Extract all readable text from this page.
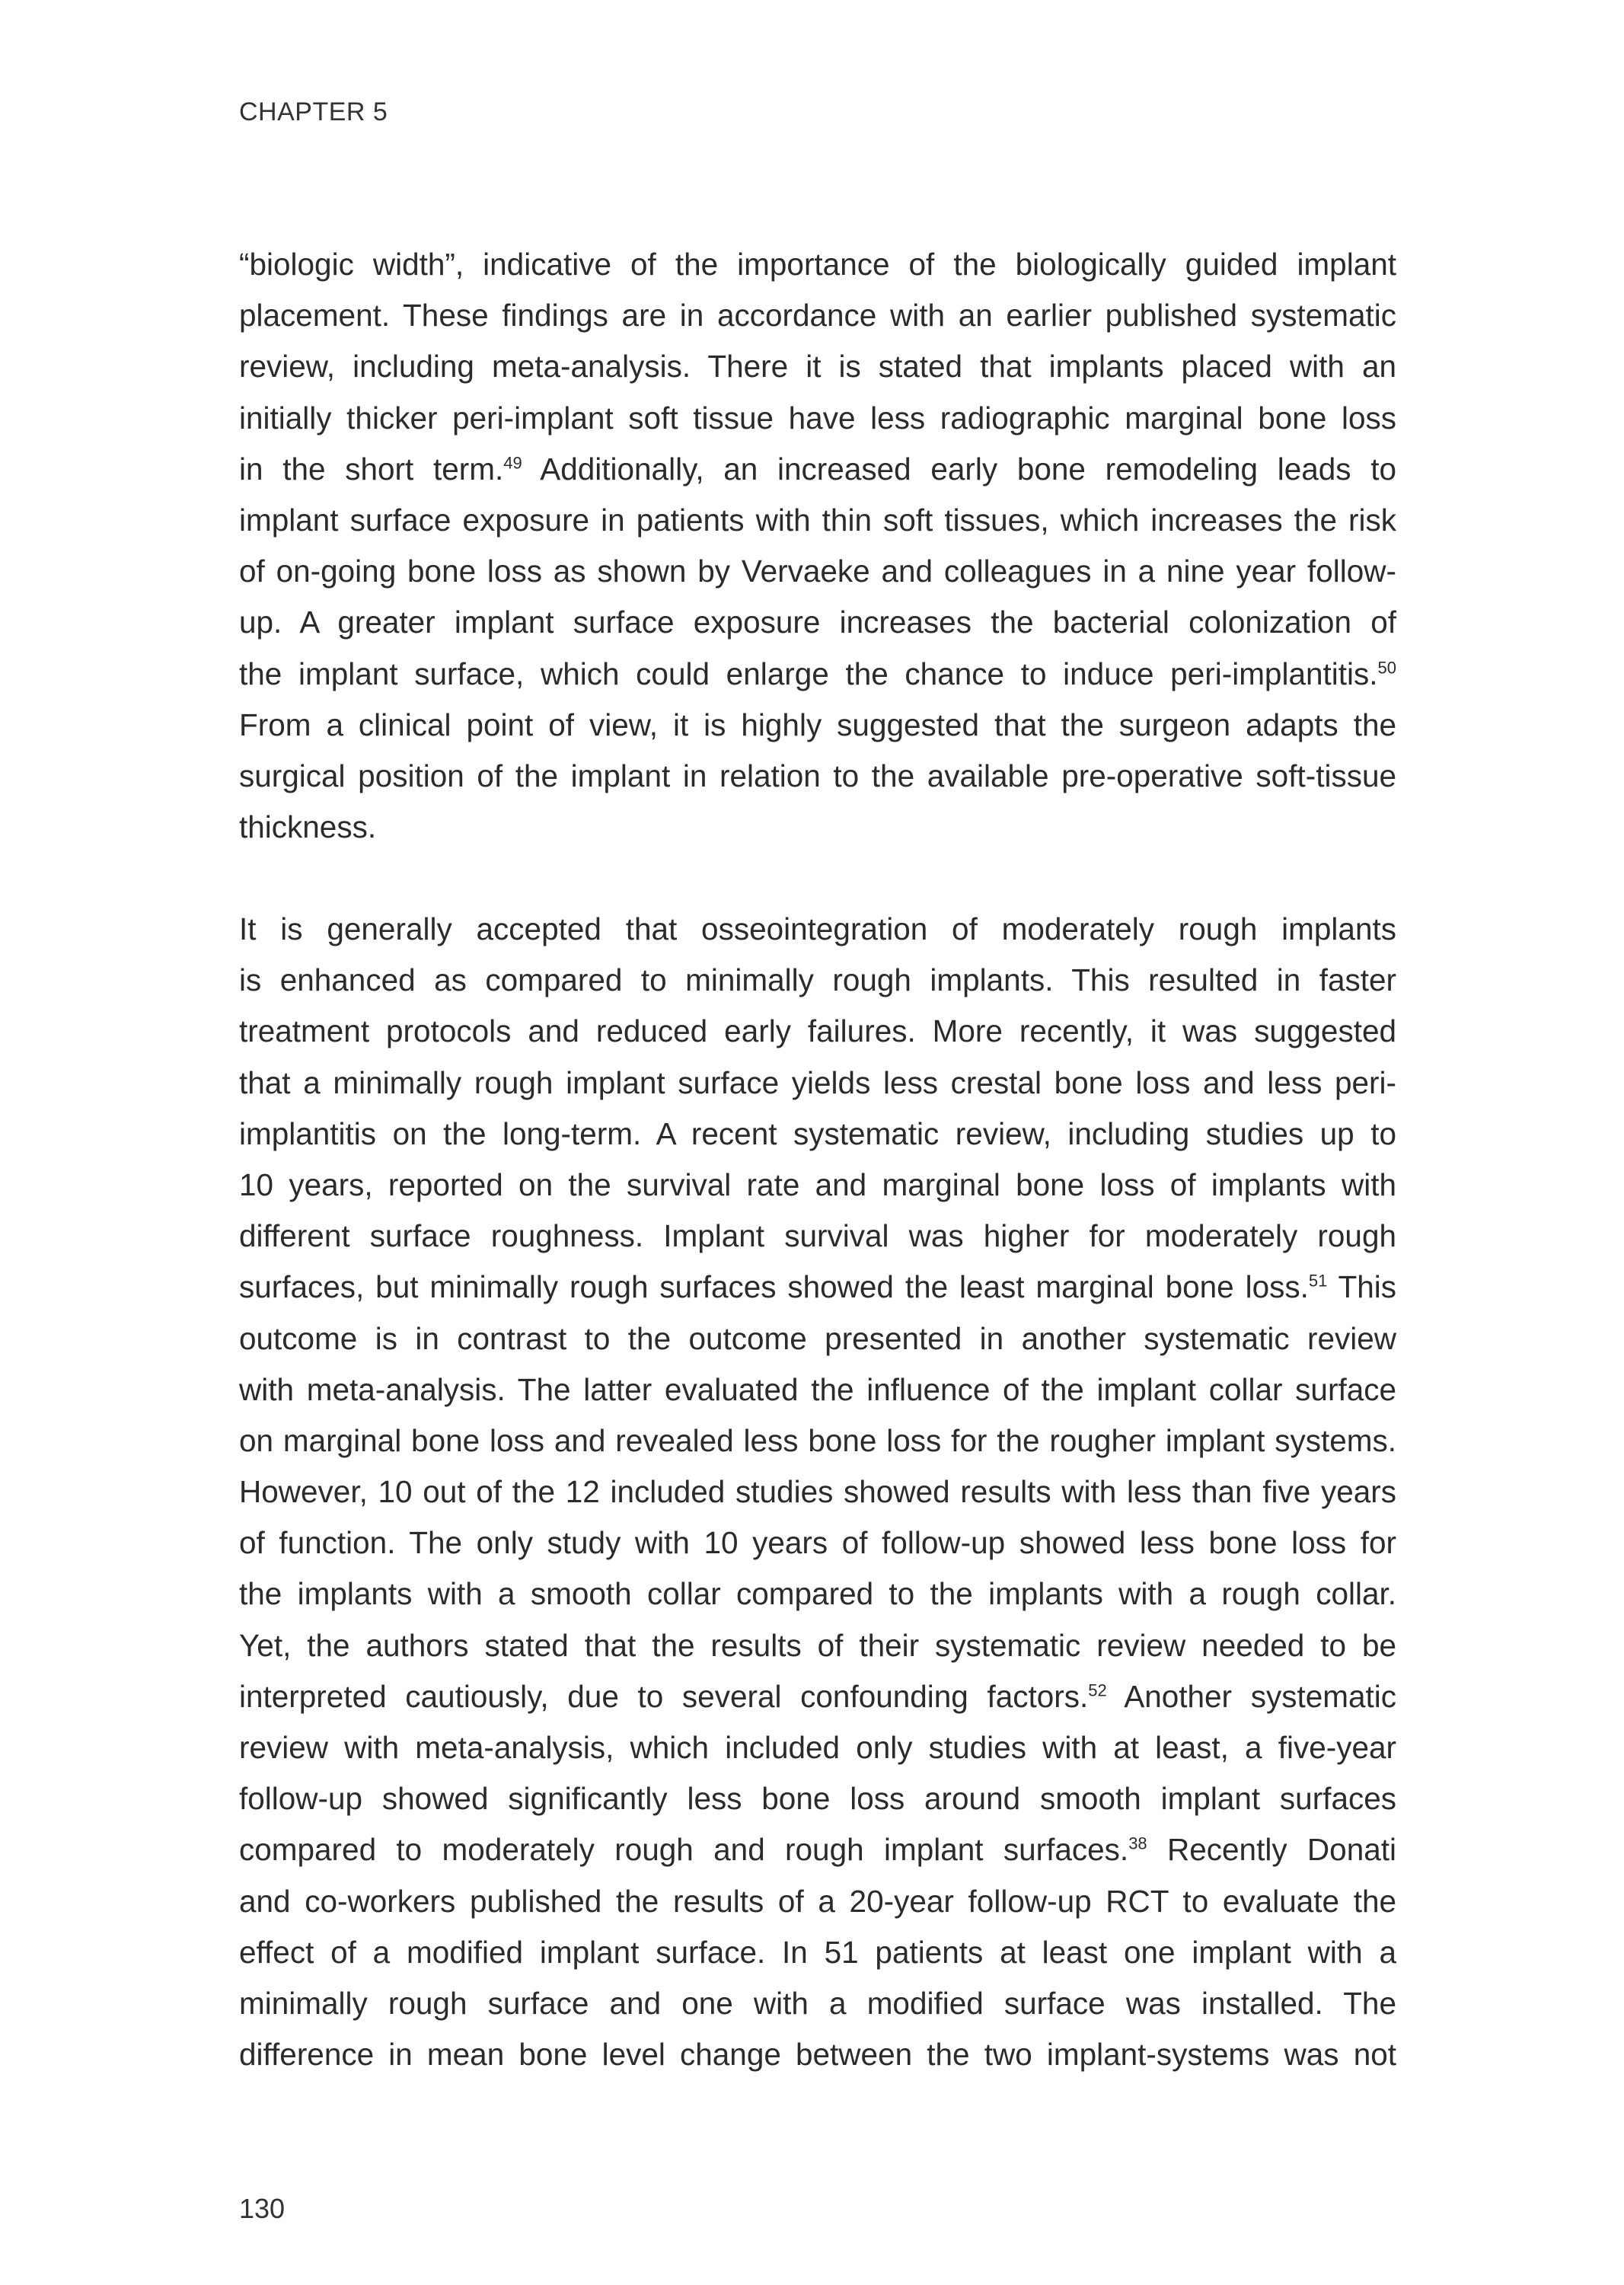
CHAPTER 5
“biologic width”, indicative of the importance of the biologically guided implant
placement. These findings are in accordance with an earlier published systematic
review, including meta-analysis. There it is stated that implants placed with an
initially thicker peri-implant soft tissue have less radiographic marginal bone loss
in the short term.$^{49}$ Additionally, an increased early bone remodeling leads to
implant surface exposure in patients with thin soft tissues, which increases the risk
of on-going bone loss as shown by Vervaeke and colleagues in a nine year follow-
up. A greater implant surface exposure increases the bacterial colonization of
the implant surface, which could enlarge the chance to induce peri-implantitis.$^{50}$
From a clinical point of view, it is highly suggested that the surgeon adapts the
surgical position of the implant in relation to the available pre-operative soft-tissue
thickness.
It is generally accepted that osseointegration of moderately rough implants
is enhanced as compared to minimally rough implants. This resulted in faster
treatment protocols and reduced early failures. More recently, it was suggested
that a minimally rough implant surface yields less crestal bone loss and less peri-
implantitis on the long-term. A recent systematic review, including studies up to
10 years, reported on the survival rate and marginal bone loss of implants with
different surface roughness. Implant survival was higher for moderately rough
surfaces, but minimally rough surfaces showed the least marginal bone loss.$^{51}$ This
outcome is in contrast to the outcome presented in another systematic review
with meta-analysis. The latter evaluated the influence of the implant collar surface
on marginal bone loss and revealed less bone loss for the rougher implant systems.
However, 10 out of the 12 included studies showed results with less than five years
of function. The only study with 10 years of follow-up showed less bone loss for
the implants with a smooth collar compared to the implants with a rough collar.
Yet, the authors stated that the results of their systematic review needed to be
interpreted cautiously, due to several confounding factors.$^{52}$ Another systematic
review with meta-analysis, which included only studies with at least, a five-year
follow-up showed significantly less bone loss around smooth implant surfaces
compared to moderately rough and rough implant surfaces.$^{38}$ Recently Donati
and co-workers published the results of a 20-year follow-up RCT to evaluate the
effect of a modified implant surface. In 51 patients at least one implant with a
minimally rough surface and one with a modified surface was installed. The
difference in mean bone level change between the two implant-systems was not
130
